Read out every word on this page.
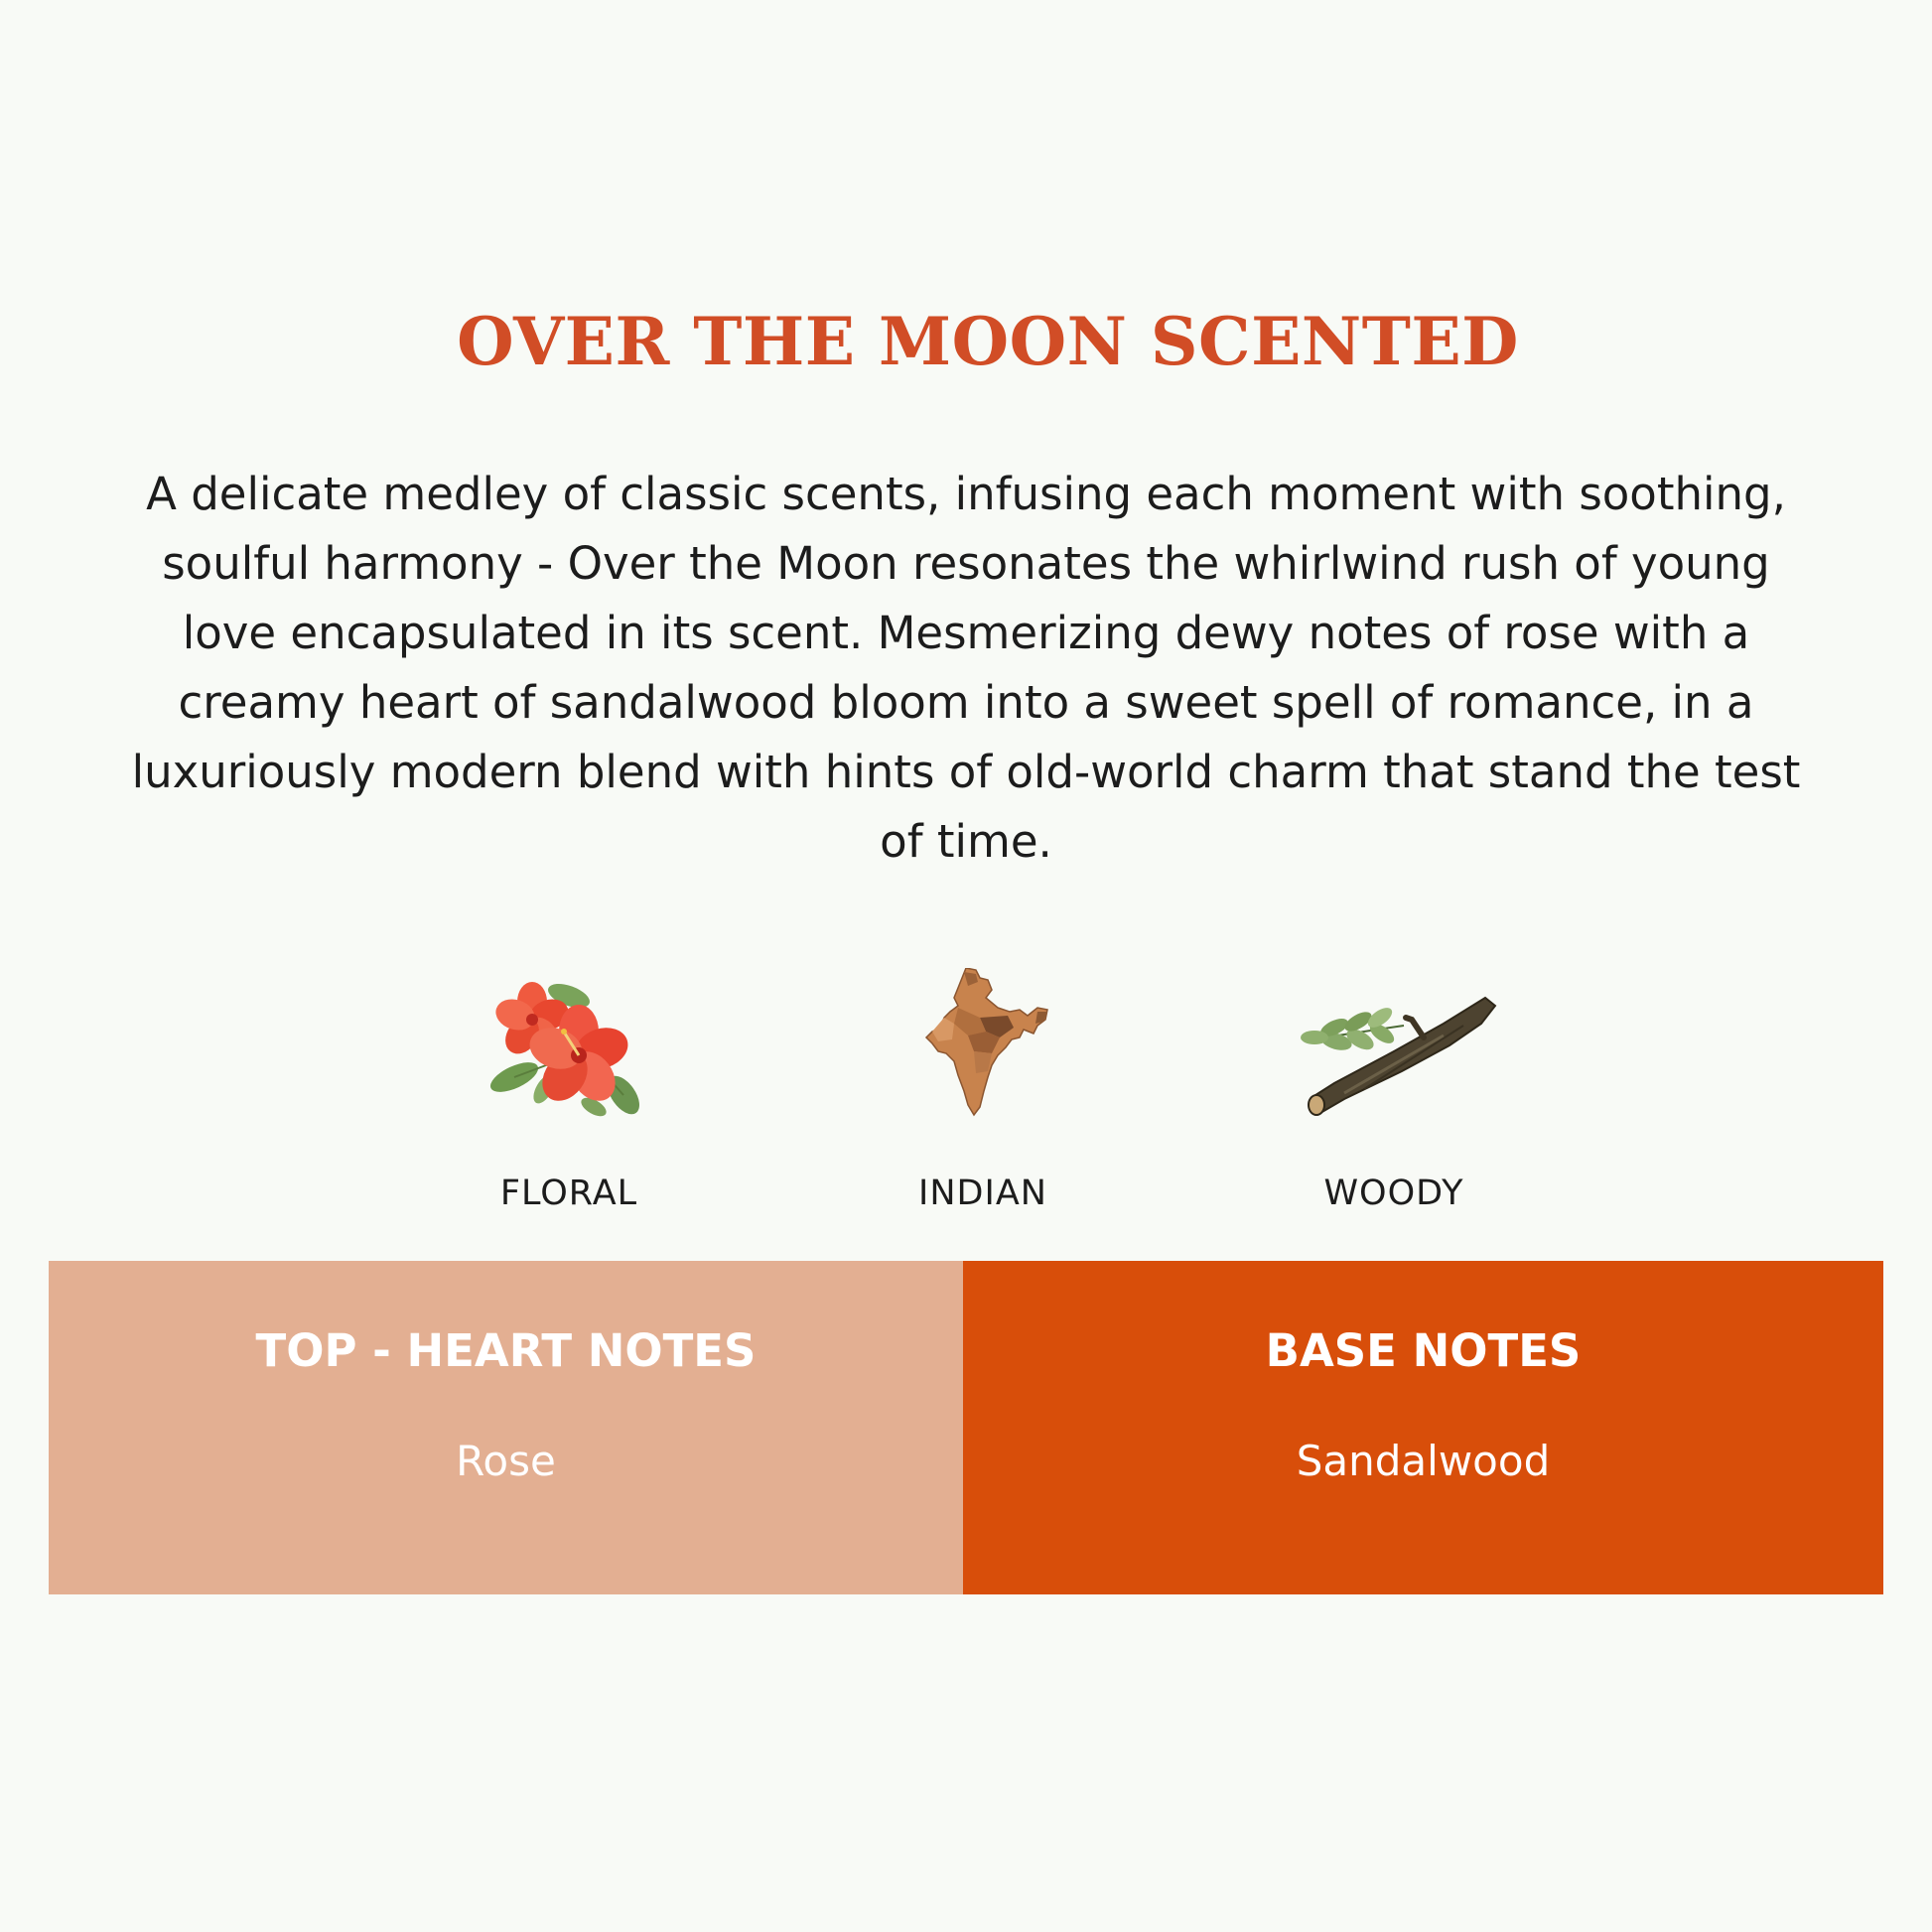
OVER THE MOON SCENTED

A delicate medley of classic scents, infusing each moment with soothing, soulful harmony - Over the Moon resonates the whirlwind rush of young love encapsulated in its scent. Mesmerizing dewy notes of rose with a creamy heart of sandalwood bloom into a sweet spell of romance, in a luxuriously modern blend with hints of old-world charm that stand the test of time.

FLORAL	INDIAN	WOODY
TOP - HEART NOTES
Rose
BASE NOTES
Sandalwood
